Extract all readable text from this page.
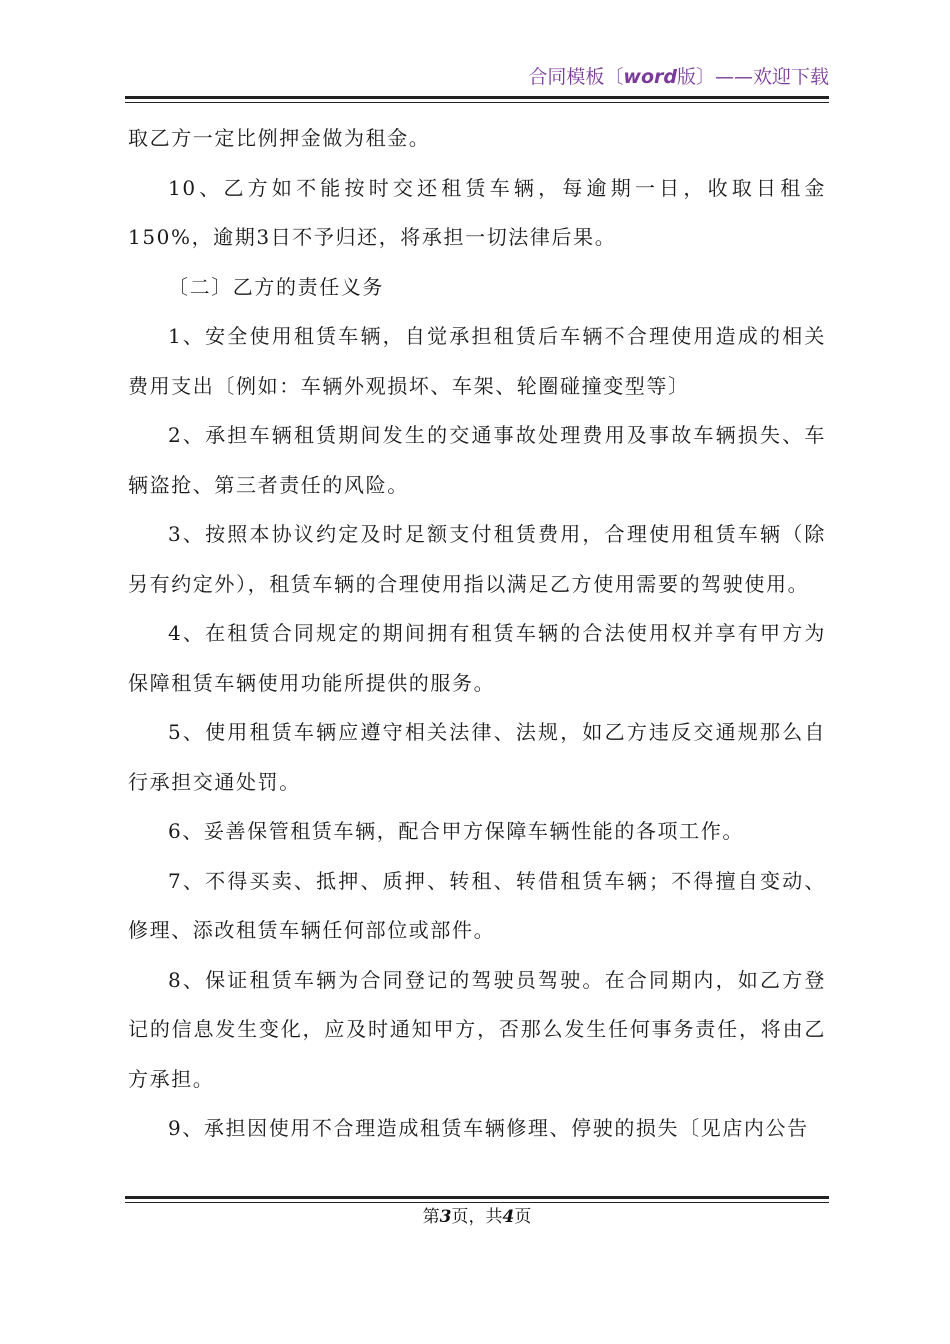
合同模板〔word版〕——欢迎下载

取乙方一定比例押金做为租金。

10、乙方如不能按时交还租赁车辆，每逾期一日，收取日租金150%，逾期3日不予归还，将承担一切法律后果。

〔二〕乙方的责任义务

1、安全使用租赁车辆，自觉承担租赁后车辆不合理使用造成的相关费用支出〔例如：车辆外观损坏、车架、轮圈碰撞变型等〕

2、承担车辆租赁期间发生的交通事故处理费用及事故车辆损失、车辆盗抢、第三者责任的风险。

3、按照本协议约定及时足额支付租赁费用，合理使用租赁车辆（除另有约定外），租赁车辆的合理使用指以满足乙方使用需要的驾驶使用。

4、在租赁合同规定的期间拥有租赁车辆的合法使用权并享有甲方为保障租赁车辆使用功能所提供的服务。

5、使用租赁车辆应遵守相关法律、法规，如乙方违反交通规那么自行承担交通处罚。

6、妥善保管租赁车辆，配合甲方保障车辆性能的各项工作。

7、不得买卖、抵押、质押、转租、转借租赁车辆；不得擅自变动、修理、添改租赁车辆任何部位或部件。

8、保证租赁车辆为合同登记的驾驶员驾驶。在合同期内，如乙方登记的信息发生变化，应及时通知甲方，否那么发生任何事务责任，将由乙方承担。

9、承担因使用不合理造成租赁车辆修理、停驶的损失〔见店内公告

第3页，共4页
